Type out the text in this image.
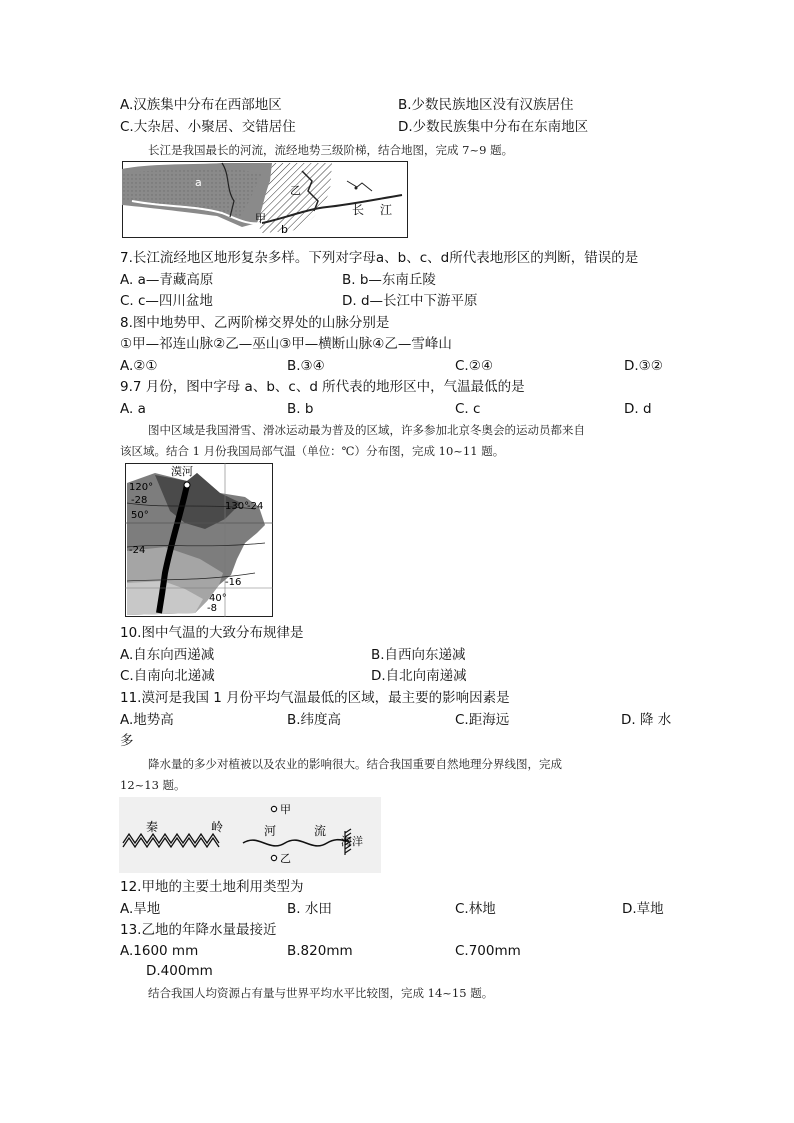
A.汉族集中分布在西部地区	B.少数民族地区没有汉族居住
C.大杂居、小聚居、交错居住	D.少数民族集中分布在东南地区
长江是我国最长的河流，流经地势三级阶梯，结合地图，完成 7~9 题。
a
甲
b
乙
长 江
7.长江流经地区地形复杂多样。下列对字母a、b、c、d所代表地形区的判断，错误的是
A. a—青藏高原	B. b—东南丘陵
C. c—四川盆地	D. d—长江中下游平原
8.图中地势甲、乙两阶梯交界处的山脉分别是
①甲—祁连山脉②乙—巫山③甲—横断山脉④乙—雪峰山
A.②①	B.③④	C.②④	D.③②
9.7 月份，图中字母 a、b、c、d 所代表的地形区中，气温最低的是
A. a	B. b	C. c	D. d
图中区域是我国滑雪、滑冰运动最为普及的区域，许多参加北京冬奥会的运动员都来自
该区域。结合 1 月份我国局部气温（单位：℃）分布图，完成 10~11 题。
漠河
120°
-28
50°
130°
-24
-24
-16
40°
-8
10.图中气温的大致分布规律是
A.自东向西递减	B.自西向东递减
C.自南向北递减	D.自北向南递减
11.漠河是我国 1 月份平均气温最低的区域，最主要的影响因素是
A.地势高	B.纬度高	C.距海远	D. 降 水
多
降水量的多少对植被以及农业的影响很大。结合我国重要自然地理分界线图，完成
12~13 题。
秦	岭	河	流
甲
乙
海洋
12.甲地的主要土地利用类型为
A.旱地	B. 水田	C.林地	D.草地
13.乙地的年降水量最接近
A.1600 mm	B.820mm	C.700mm
D.400mm
结合我国人均资源占有量与世界平均水平比较图，完成 14~15 题。
